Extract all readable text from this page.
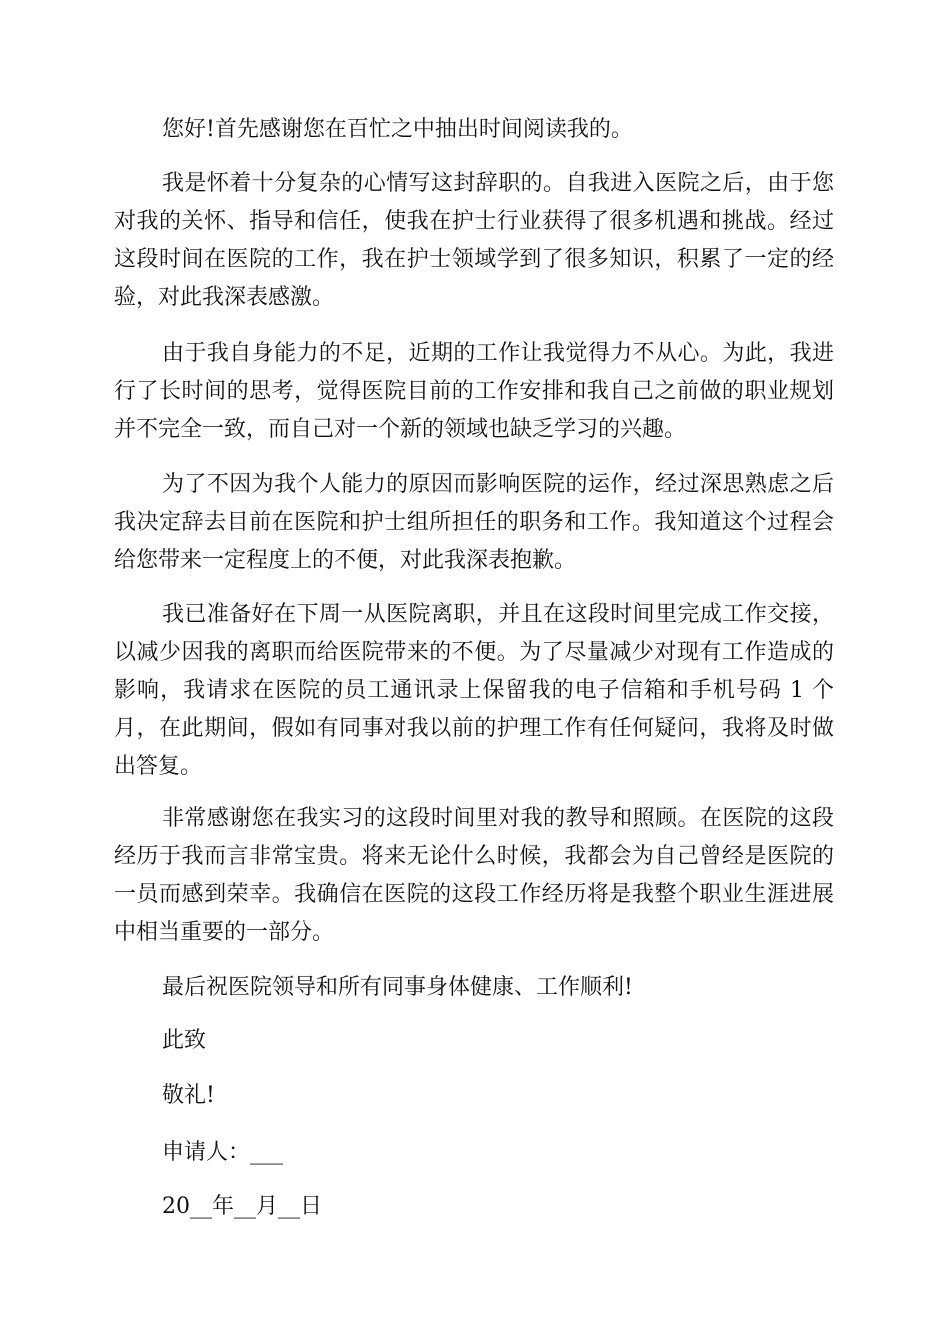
您好!首先感谢您在百忙之中抽出时间阅读我的。

我是怀着十分复杂的心情写这封辞职的。自我进入医院之后，由于您对我的关怀、指导和信任，使我在护士行业获得了很多机遇和挑战。经过这段时间在医院的工作，我在护士领域学到了很多知识，积累了一定的经验，对此我深表感激。

由于我自身能力的不足，近期的工作让我觉得力不从心。为此，我进行了长时间的思考，觉得医院目前的工作安排和我自己之前做的职业规划并不完全一致，而自己对一个新的领域也缺乏学习的兴趣。

为了不因为我个人能力的原因而影响医院的运作，经过深思熟虑之后我决定辞去目前在医院和护士组所担任的职务和工作。我知道这个过程会给您带来一定程度上的不便，对此我深表抱歉。

我已准备好在下周一从医院离职，并且在这段时间里完成工作交接，以减少因我的离职而给医院带来的不便。为了尽量减少对现有工作造成的影响，我请求在医院的员工通讯录上保留我的电子信箱和手机号码 1 个月，在此期间，假如有同事对我以前的护理工作有任何疑问，我将及时做出答复。

非常感谢您在我实习的这段时间里对我的教导和照顾。在医院的这段经历于我而言非常宝贵。将来无论什么时候，我都会为自己曾经是医院的一员而感到荣幸。我确信在医院的这段工作经历将是我整个职业生涯进展中相当重要的一部分。

最后祝医院领导和所有同事身体健康、工作顺利!

此致

敬礼!

申请人：___

20__年__月__日
